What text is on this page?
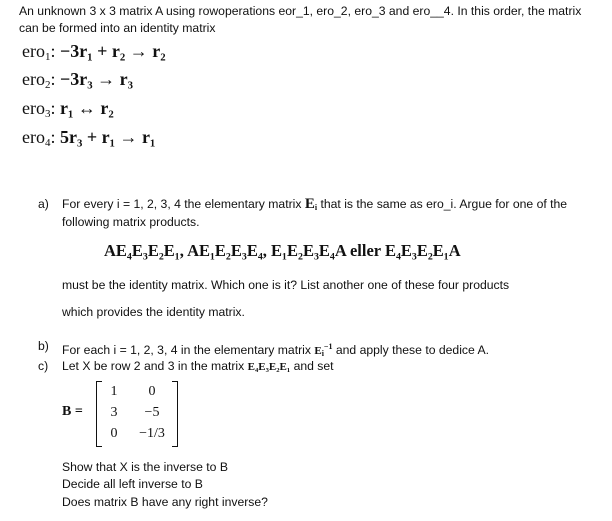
An unknown 3 x 3 matrix A using rowoperations eor_1, ero_2, ero_3 and ero__4. In this order, the matrix
can be formed into an identity matrix
ero$_1$: −3r₁ + r₂ → r₂
ero$_2$: −3r₃ → r₃
ero$_3$: r₁ ↔ r₂
ero$_4$: 5r₃ + r₁ → r₁
a) For every i = 1, 2, 3, 4 the elementary matrix $E_i$ that is the same as ero_i. Argue for one of the
following matrix products.
AE₄E₃E₂E₁, AE₁E₂E₃E₄, E₁E₂E₃E₄A eller E₄E₃E₂E₁A
must be the identity matrix. Which one is it? List another one of these four products
which provides the identity matrix.
b) For each i = 1, 2, 3, 4 in the elementary matrix $E_i^{-1}$ and apply these to dedice A.
c) Let X be row 2 and 3 in the matrix E₄E₃E₂E₁ and set
B =
1	0
3	−5
0	−1/3
Show that X is the inverse to B
Decide all left inverse to B
Does matrix B have any right inverse?
